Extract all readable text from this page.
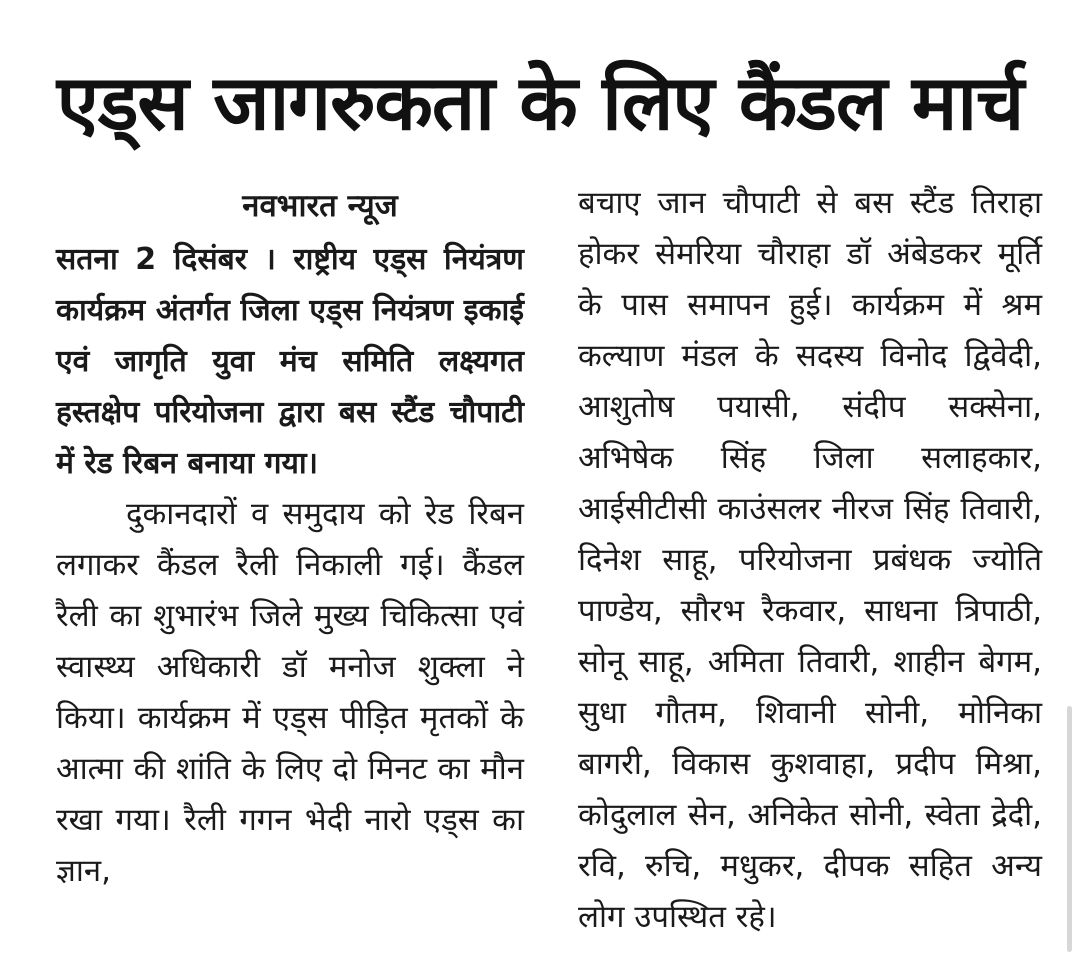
एड्स जागरुकता के लिए कैंडल मार्च

नवभारत न्यूज

सतना 2 दिसंबर । राष्ट्रीय एड्स नियंत्रण कार्यक्रम अंतर्गत जिला एड्स नियंत्रण इकाई एवं जागृति युवा मंच समिति लक्ष्यगत हस्तक्षेप परियोजना द्वारा बस स्टैंड चौपाटी में रेड रिबन बनाया गया।

दुकानदारों व समुदाय को रेड रिबन लगाकर कैंडल रैली निकाली गई। कैंडल रैली का शुभारंभ जिले मुख्य चिकित्सा एवं स्वास्थ्य अधिकारी डॉ मनोज शुक्ला ने किया। कार्यक्रम में एड्स पीड़ित मृतकों के आत्मा की शांति के लिए दो मिनट का मौन रखा गया। रैली गगन भेदी नारो एड्स का ज्ञान,

बचाए जान चौपाटी से बस स्टैंड तिराहा होकर सेमरिया चौराहा डॉ अंबेडकर मूर्ति के पास समापन हुई। कार्यक्रम में श्रम कल्याण मंडल के सदस्य विनोद द्विवेदी, आशुतोष पयासी, संदीप सक्सेना, अभिषेक सिंह जिला सलाहकार, आईसीटीसी काउंसलर नीरज सिंह तिवारी, दिनेश साहू, परियोजना प्रबंधक ज्योति पाण्डेय, सौरभ रैकवार, साधना त्रिपाठी, सोनू साहू, अमिता तिवारी, शाहीन बेगम, सुधा गौतम, शिवानी सोनी, मोनिका बागरी, विकास कुशवाहा, प्रदीप मिश्रा, कोदुलाल सेन, अनिकेत सोनी, स्वेता द्रेदी, रवि, रुचि, मधुकर, दीपक सहित अन्य लोग उपस्थित रहे।
